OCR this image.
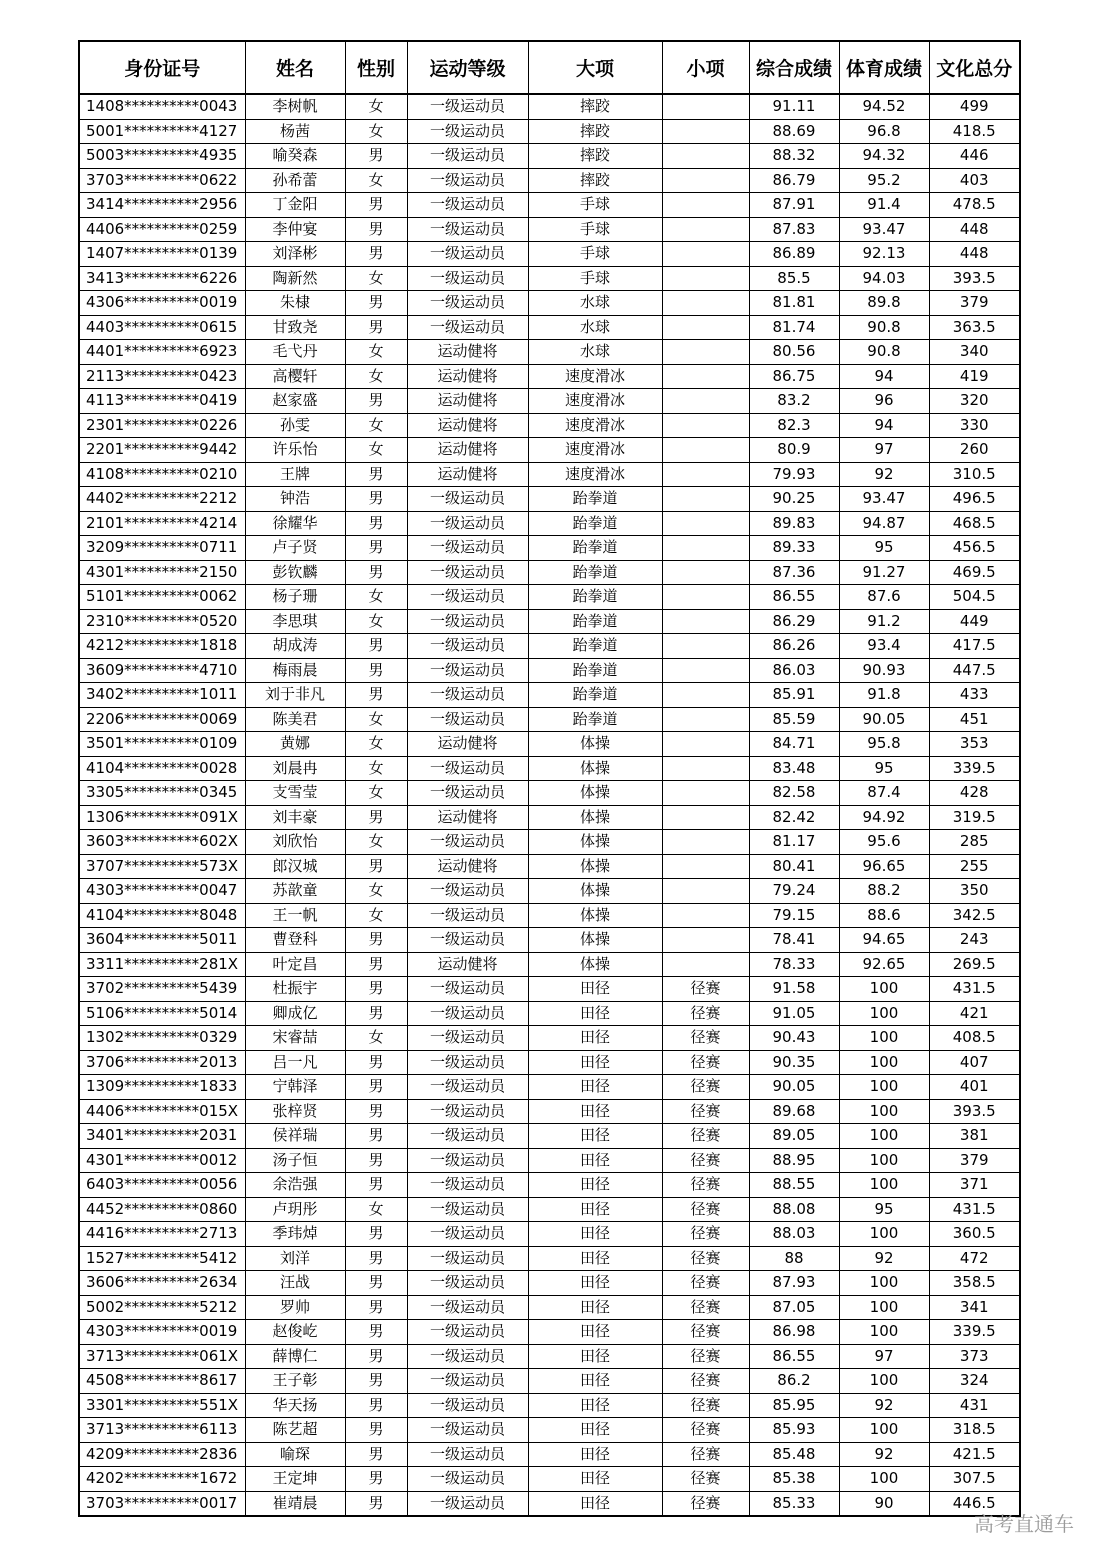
身份证号	姓名	性别	运动等级	大项	小项	综合成绩	体育成绩	文化总分
1408**********0043	李树帆	女	一级运动员	摔跤		91.11	94.52	499
5001**********4127	杨茜	女	一级运动员	摔跤		88.69	96.8	418.5
5003**********4935	喻癸森	男	一级运动员	摔跤		88.32	94.32	446
3703**********0622	孙希蕾	女	一级运动员	摔跤		86.79	95.2	403
3414**********2956	丁金阳	男	一级运动员	手球		87.91	91.4	478.5
4406**********0259	李仲宴	男	一级运动员	手球		87.83	93.47	448
1407**********0139	刘泽彬	男	一级运动员	手球		86.89	92.13	448
3413**********6226	陶新然	女	一级运动员	手球		85.5	94.03	393.5
4306**********0019	朱棣	男	一级运动员	水球		81.81	89.8	379
4403**********0615	甘致尧	男	一级运动员	水球		81.74	90.8	363.5
4401**********6923	毛弋丹	女	运动健将	水球		80.56	90.8	340
2113**********0423	高樱轩	女	运动健将	速度滑冰		86.75	94	419
4113**********0419	赵家盛	男	运动健将	速度滑冰		83.2	96	320
2301**********0226	孙雯	女	运动健将	速度滑冰		82.3	94	330
2201**********9442	许乐怡	女	运动健将	速度滑冰		80.9	97	260
4108**********0210	王牌	男	运动健将	速度滑冰		79.93	92	310.5
4402**********2212	钟浩	男	一级运动员	跆拳道		90.25	93.47	496.5
2101**********4214	徐耀华	男	一级运动员	跆拳道		89.83	94.87	468.5
3209**********0711	卢子贤	男	一级运动员	跆拳道		89.33	95	456.5
4301**********2150	彭钦麟	男	一级运动员	跆拳道		87.36	91.27	469.5
5101**********0062	杨子珊	女	一级运动员	跆拳道		86.55	87.6	504.5
2310**********0520	李思琪	女	一级运动员	跆拳道		86.29	91.2	449
4212**********1818	胡成涛	男	一级运动员	跆拳道		86.26	93.4	417.5
3609**********4710	梅雨晨	男	一级运动员	跆拳道		86.03	90.93	447.5
3402**********1011	刘于非凡	男	一级运动员	跆拳道		85.91	91.8	433
2206**********0069	陈美君	女	一级运动员	跆拳道		85.59	90.05	451
3501**********0109	黄娜	女	运动健将	体操		84.71	95.8	353
4104**********0028	刘晨冉	女	一级运动员	体操		83.48	95	339.5
3305**********0345	支雪莹	女	一级运动员	体操		82.58	87.4	428
1306**********091X	刘丰豪	男	运动健将	体操		82.42	94.92	319.5
3603**********602X	刘欣怡	女	一级运动员	体操		81.17	95.6	285
3707**********573X	郎汉城	男	运动健将	体操		80.41	96.65	255
4303**********0047	苏歆童	女	一级运动员	体操		79.24	88.2	350
4104**********8048	王一帆	女	一级运动员	体操		79.15	88.6	342.5
3604**********5011	曹登科	男	一级运动员	体操		78.41	94.65	243
3311**********281X	叶定昌	男	运动健将	体操		78.33	92.65	269.5
3702**********5439	杜振宇	男	一级运动员	田径	径赛	91.58	100	431.5
5106**********5014	卿成亿	男	一级运动员	田径	径赛	91.05	100	421
1302**********0329	宋睿喆	女	一级运动员	田径	径赛	90.43	100	408.5
3706**********2013	吕一凡	男	一级运动员	田径	径赛	90.35	100	407
1309**********1833	宁韩泽	男	一级运动员	田径	径赛	90.05	100	401
4406**********015X	张梓贤	男	一级运动员	田径	径赛	89.68	100	393.5
3401**********2031	侯祥瑞	男	一级运动员	田径	径赛	89.05	100	381
4301**********0012	汤子恒	男	一级运动员	田径	径赛	88.95	100	379
6403**********0056	余浩强	男	一级运动员	田径	径赛	88.55	100	371
4452**********0860	卢玥彤	女	一级运动员	田径	径赛	88.08	95	431.5
4416**********2713	季玮焯	男	一级运动员	田径	径赛	88.03	100	360.5
1527**********5412	刘洋	男	一级运动员	田径	径赛	88	92	472
3606**********2634	汪战	男	一级运动员	田径	径赛	87.93	100	358.5
5002**********5212	罗帅	男	一级运动员	田径	径赛	87.05	100	341
4303**********0019	赵俊屹	男	一级运动员	田径	径赛	86.98	100	339.5
3713**********061X	薛博仁	男	一级运动员	田径	径赛	86.55	97	373
4508**********8617	王子彰	男	一级运动员	田径	径赛	86.2	100	324
3301**********551X	华天扬	男	一级运动员	田径	径赛	85.95	92	431
3713**********6113	陈艺超	男	一级运动员	田径	径赛	85.93	100	318.5
4209**********2836	喻琛	男	一级运动员	田径	径赛	85.48	92	421.5
4202**********1672	王定坤	男	一级运动员	田径	径赛	85.38	100	307.5
3703**********0017	崔靖晨	男	一级运动员	田径	径赛	85.33	90	446.5
高考直通车
